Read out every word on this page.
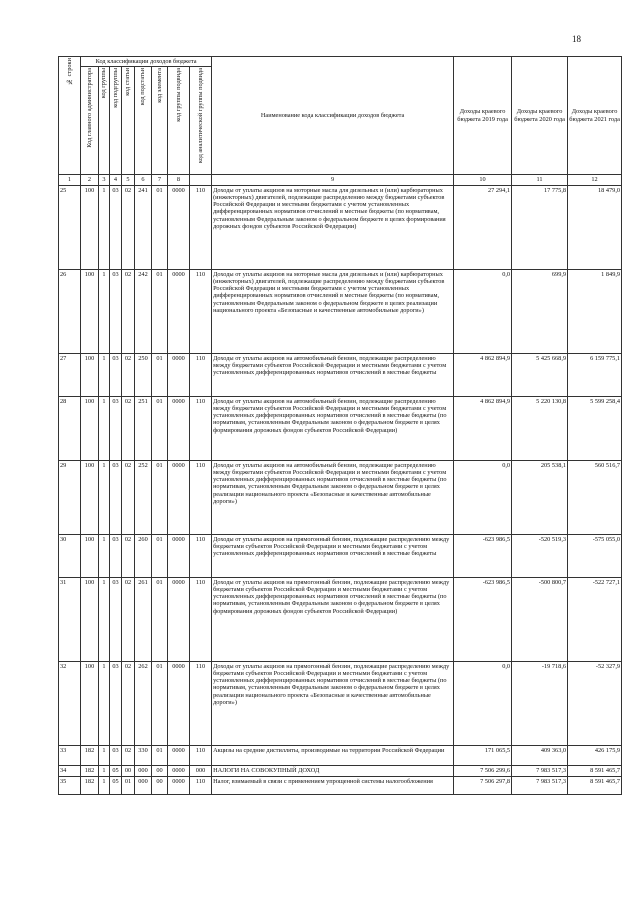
18
№ строки	Код классификации доходов бюджета								Наименование кода классификации доходов бюджета	Доходы краевого бюджета 2019 года	Доходы краевого бюджета 2020 года	Доходы краевого бюджета 2021 года

	Код главного администратора	код группы	код подгруппы	код статьи	код подстатьи	код элемента	код группы подвида	код аналитической группы подвида				

1	2	3	4	5	6	7	8		9	10	11	12
25	100	1	03	02	241	01	0000	110	Доходы от уплаты акцизов на моторные масла для дизельных и (или) карбюраторных (инжекторных) двигателей, подлежащие распределению между бюджетами субъектов Российской Федерации и местными бюджетами с учетом установленных дифференцированных нормативов отчислений в местные бюджеты (по нормативам, установленным Федеральным законом о федеральном бюджете в целях формирования дорожных фондов субъектов Российской Федерации)	27 294,1	17 775,8	18 479,0
26	100	1	03	02	242	01	0000	110	Доходы от уплаты акцизов на моторные масла для дизельных и (или) карбюраторных (инжекторных) двигателей, подлежащие распределению между бюджетами субъектов Российской Федерации и местными бюджетами с учетом установленных дифференцированных нормативов отчислений в местные бюджеты (по нормативам, установленным Федеральным законом о федеральном бюджете в целях реализации национального проекта «Безопасные и качественные автомобильные дороги»)	0,0	699,9	1 849,9
27	100	1	03	02	250	01	0000	110	Доходы от уплаты акцизов на автомобильный бензин, подлежащие распределению между бюджетами субъектов Российской Федерации и местными бюджетами с учетом установленных дифференцированных нормативов отчислений в местные бюджеты	4 862 894,9	5 425 668,9	6 159 775,1
28	100	1	03	02	251	01	0000	110	Доходы от уплаты акцизов на автомобильный бензин, подлежащие распределению между бюджетами субъектов Российской Федерации и местными бюджетами с учетом установленных дифференцированных нормативов отчислений в местные бюджеты (по нормативам, установленным Федеральным законом о федеральном бюджете в целях формирования дорожных фондов субъектов Российской Федерации)	4 862 894,9	5 220 130,8	5 599 258,4
29	100	1	03	02	252	01	0000	110	Доходы от уплаты акцизов на автомобильный бензин, подлежащие распределению между бюджетами субъектов Российской Федерации и местными бюджетами с учетом установленных дифференцированных нормативов отчислений в местные бюджеты (по нормативам, установленным Федеральным законом о федеральном бюджете в целях реализации национального проекта «Безопасные и качественные автомобильные дороги»)	0,0	205 538,1	560 516,7
30	100	1	03	02	260	01	0000	110	Доходы от уплаты акцизов на прямогонный бензин, подлежащие распределению между бюджетами субъектов Российской Федерации и местными бюджетами с учетом установленных дифференцированных нормативов отчислений в местные бюджеты	-623 986,5	-520 519,3	-575 055,0
31	100	1	03	02	261	01	0000	110	Доходы от уплаты акцизов на прямогонный бензин, подлежащие распределению между бюджетами субъектов Российской Федерации и местными бюджетами с учетом установленных дифференцированных нормативов отчислений в местные бюджеты (по нормативам, установленным Федеральным законом о федеральном бюджете в целях формирования дорожных фондов субъектов Российской Федерации)	-623 986,5	-500 800,7	-522 727,1
32	100	1	03	02	262	01	0000	110	Доходы от уплаты акцизов на прямогонный бензин, подлежащие распределению между бюджетами субъектов Российской Федерации и местными бюджетами с учетом установленных дифференцированных нормативов отчислений в местные бюджеты (по нормативам, установленным Федеральным законом о федеральном бюджете в целях реализации национального проекта «Безопасные и качественные автомобильные дороги»)	0,0	-19 718,6	-52 327,9
33	182	1	03	02	330	01	0000	110	Акцизы на средние дистилляты, производимые на территории Российской Федерации	171 065,5	409 363,0	426 175,9
34	182	1	05	00	000	00	0000	000	НАЛОГИ НА СОВОКУПНЫЙ ДОХОД	7 506 299,6	7 983 517,3	8 591 465,7
35	182	1	05	01	000	00	0000	110	Налог, взимаемый в связи с применением упрощенной системы налогообложения	7 506 297,8	7 983 517,3	8 591 465,7
